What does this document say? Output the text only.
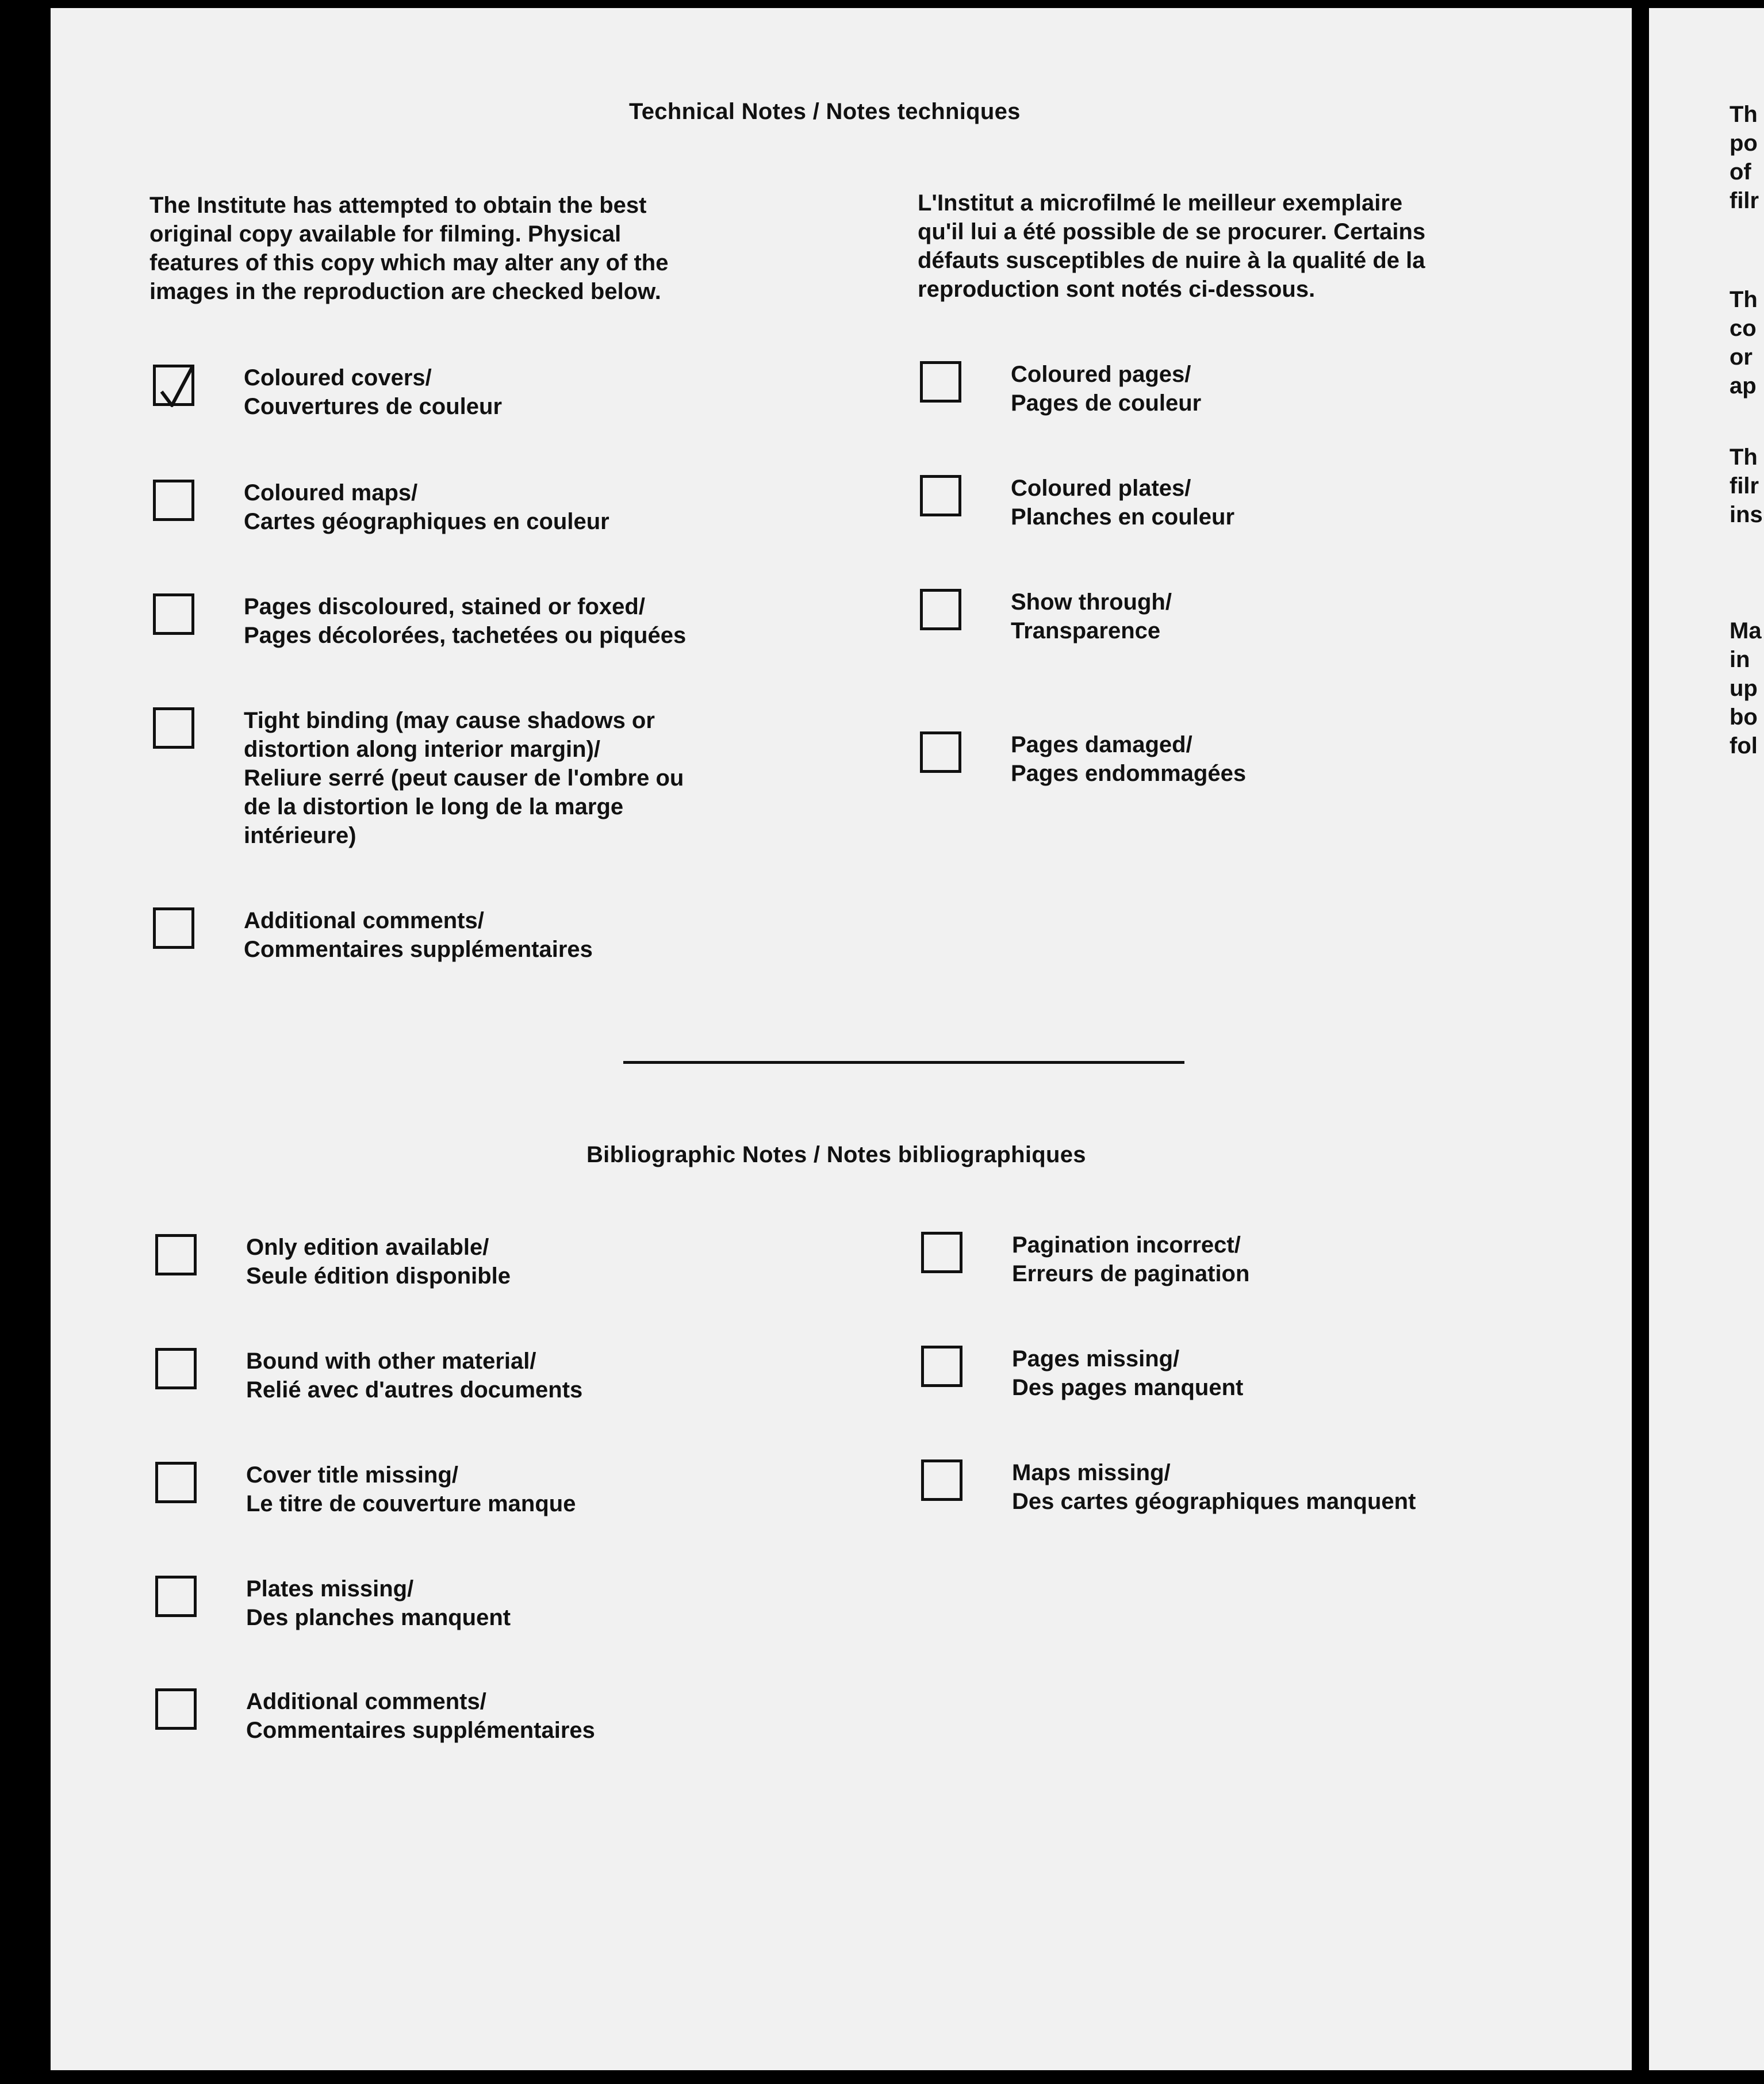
Technical Notes / Notes techniques
The Institute has attempted to obtain the best
original copy available for filming. Physical
features of this copy which may alter any of the
images in the reproduction are checked below.
L'Institut a microfilmé le meilleur exemplaire
qu'il lui a été possible de se procurer. Certains
défauts susceptibles de nuire à la qualité de la
reproduction sont notés ci-dessous.
Coloured covers/
Couvertures de couleur
Coloured maps/
Cartes géographiques en couleur
Pages discoloured, stained or foxed/
Pages décolorées, tachetées ou piquées
Tight binding (may cause shadows or
distortion along interior margin)/
Reliure serré (peut causer de l'ombre ou
de la distortion le long de la marge
intérieure)
Additional comments/
Commentaires supplémentaires
Coloured pages/
Pages de couleur
Coloured plates/
Planches en couleur
Show through/
Transparence
Pages damaged/
Pages endommagées
Bibliographic Notes / Notes bibliographiques
Only edition available/
Seule édition disponible
Bound with other material/
Relié avec d'autres documents
Cover title missing/
Le titre de couverture manque
Plates missing/
Des planches manquent
Additional comments/
Commentaires supplémentaires
Pagination incorrect/
Erreurs de pagination
Pages missing/
Des pages manquent
Maps missing/
Des cartes géographiques manquent
Th
po
of
filr
Th
co
or
ap
Th
filr
ins
Ma
in
up
bo
fol
